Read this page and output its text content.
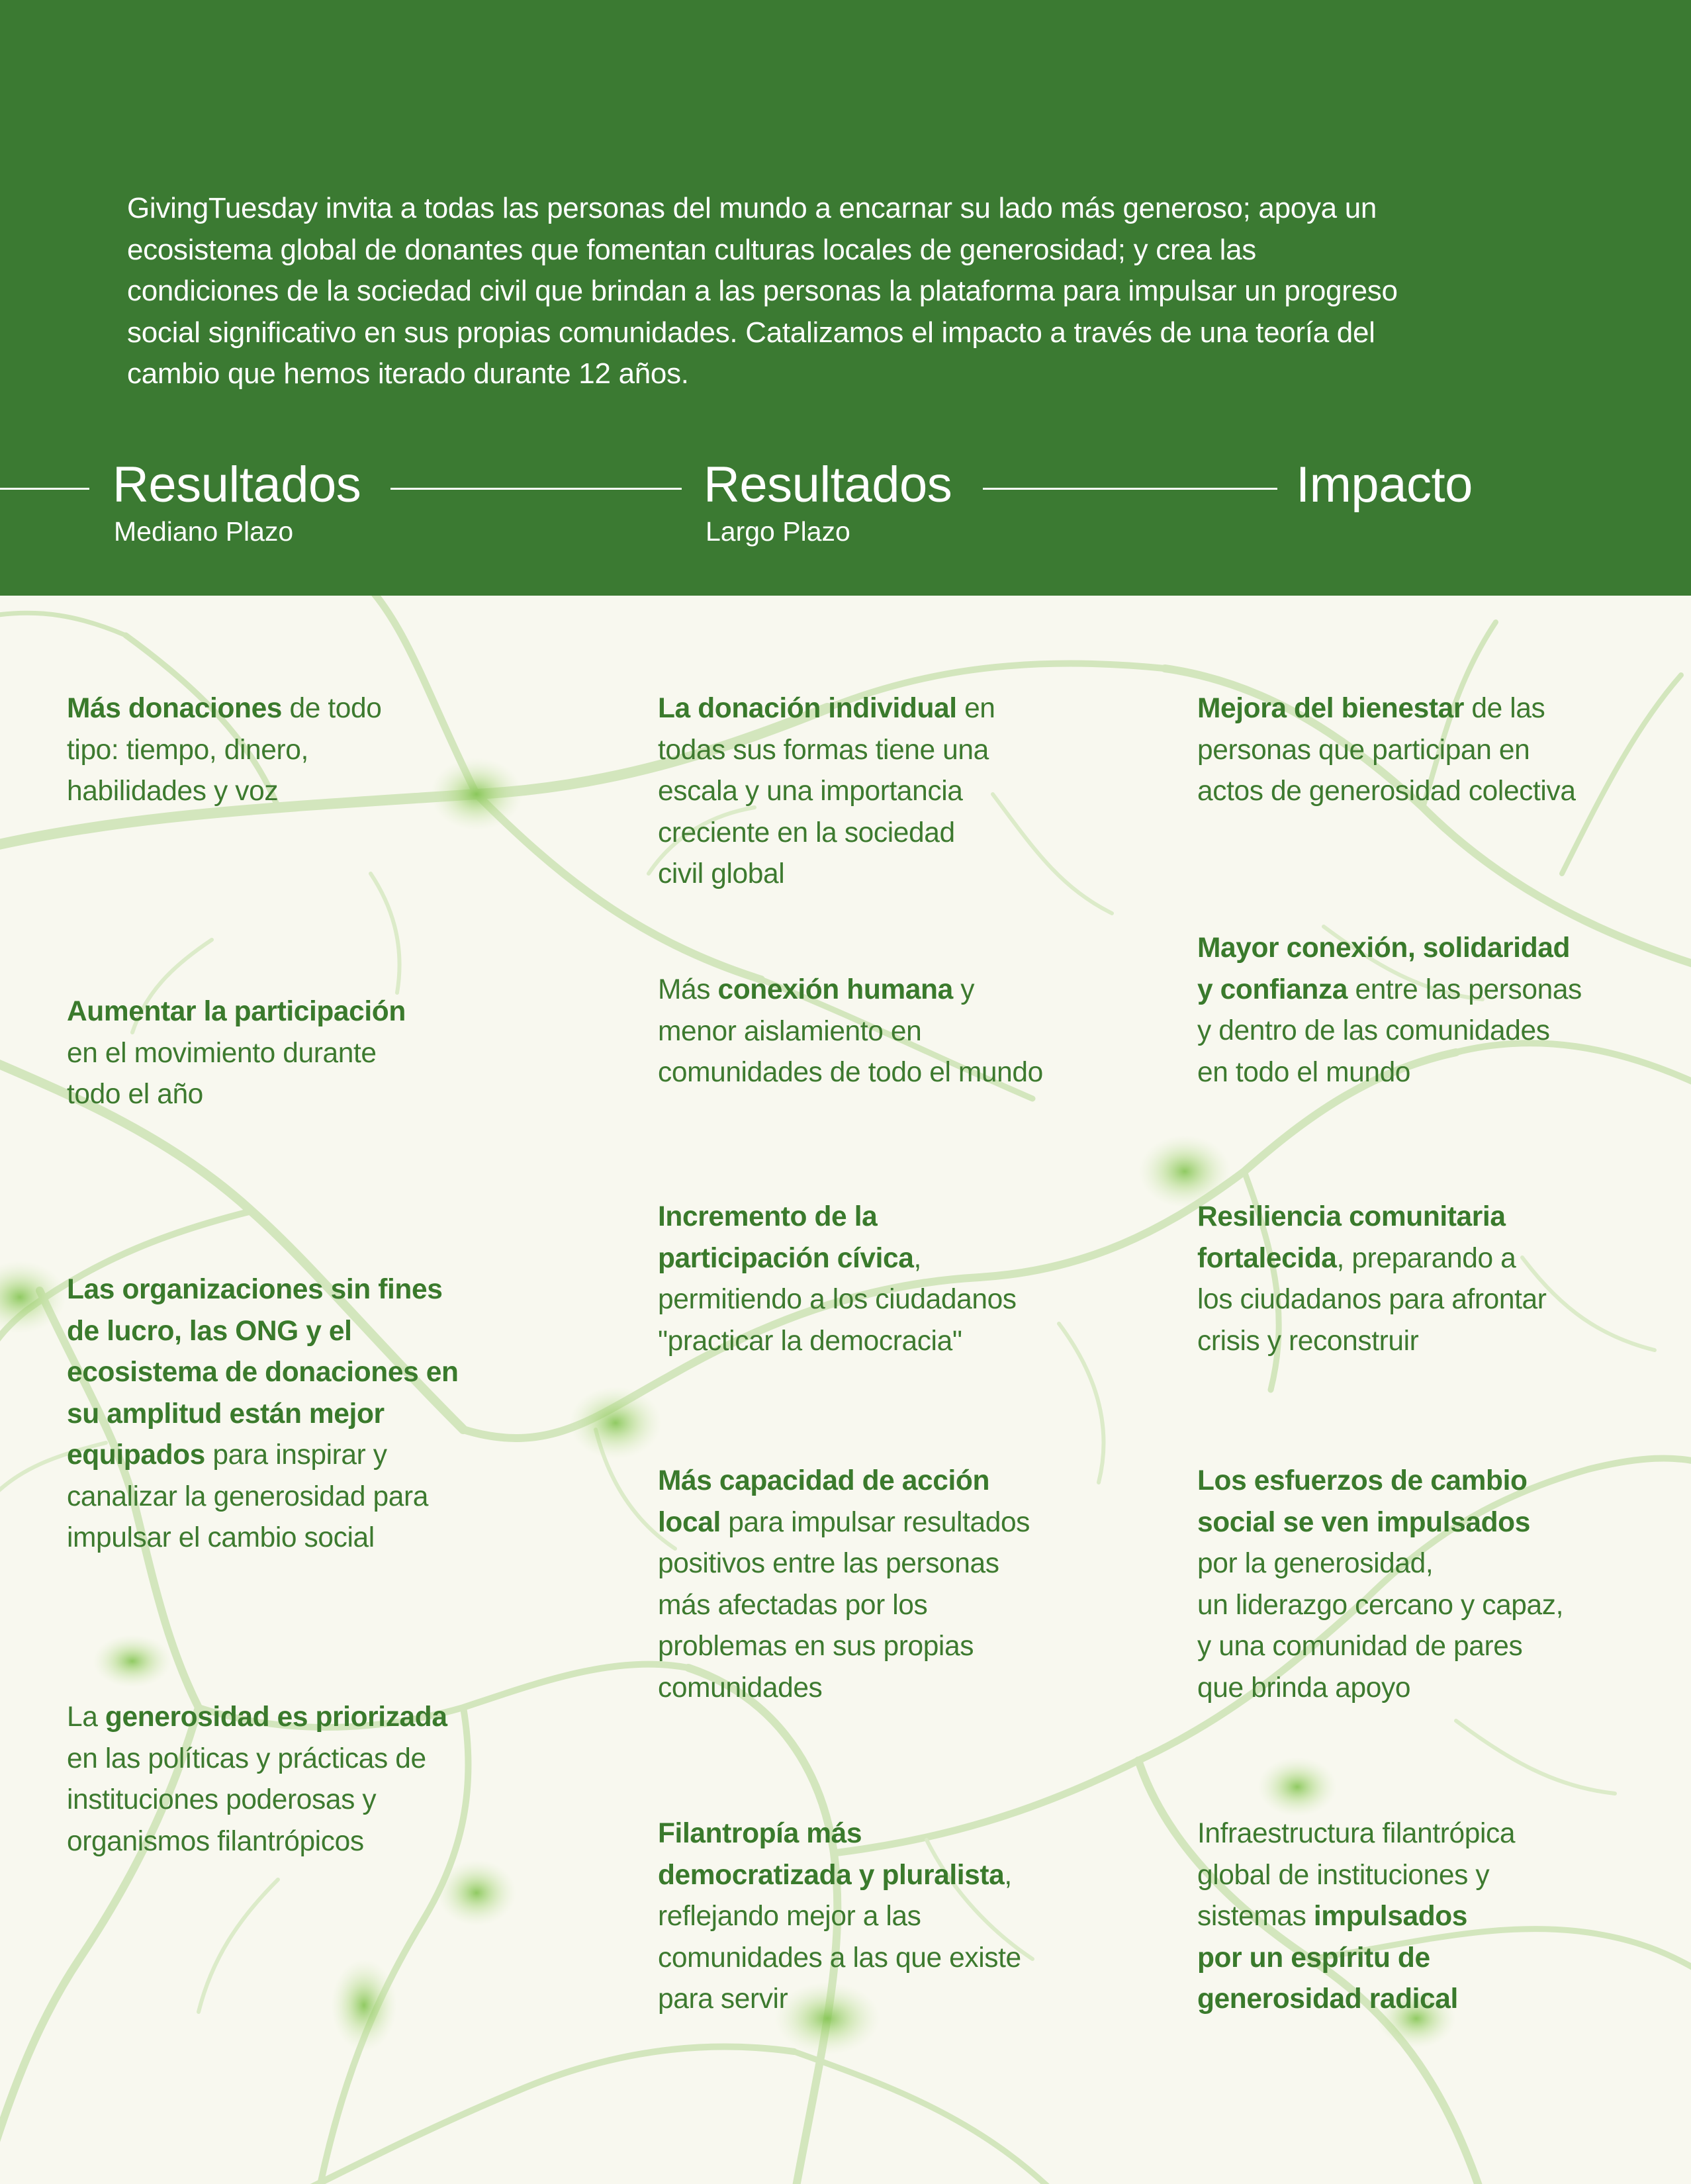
GivingTuesday invita a todas las personas del mundo a encarnar su lado más generoso; apoya un
ecosistema global de donantes que fomentan culturas locales de generosidad; y crea las
condiciones de la sociedad civil que brindan a las personas la plataforma para impulsar un progreso
social significativo en sus propias comunidades. Catalizamos el impacto a través de una teoría del
cambio que hemos iterado durante 12 años.
Resultados
Mediano Plazo
Resultados
Largo Plazo
Impacto
Más donaciones de todo
tipo: tiempo, dinero,
habilidades y voz
Aumentar la participación
en el movimiento durante
todo el año
Las organizaciones sin fines
de lucro, las ONG y el
ecosistema de donaciones en
su amplitud están mejor
equipados para inspirar y
canalizar la generosidad para
impulsar el cambio social
La generosidad es priorizada
en las políticas y prácticas de
instituciones poderosas y
organismos filantrópicos
La donación individual en
todas sus formas tiene una
escala y una importancia
creciente en la sociedad
civil global
Más conexión humana y
menor aislamiento en
comunidades de todo el mundo
Incremento de la
participación cívica,
permitiendo a los ciudadanos
"practicar la democracia"
Más capacidad de acción
local para impulsar resultados
positivos entre las personas
más afectadas por los
problemas en sus propias
comunidades
Filantropía más
democratizada y pluralista,
reflejando mejor a las
comunidades a las que existe
para servir
Mejora del bienestar de las
personas que participan en
actos de generosidad colectiva
Mayor conexión, solidaridad
y confianza entre las personas
y dentro de las comunidades
en todo el mundo
Resiliencia comunitaria
fortalecida, preparando a
los ciudadanos para afrontar
crisis y reconstruir
Los esfuerzos de cambio
social se ven impulsados
por la generosidad,
un liderazgo cercano y capaz,
y una comunidad de pares
que brinda apoyo
Infraestructura filantrópica
global de instituciones y
sistemas impulsados
por un espíritu de
generosidad radical
